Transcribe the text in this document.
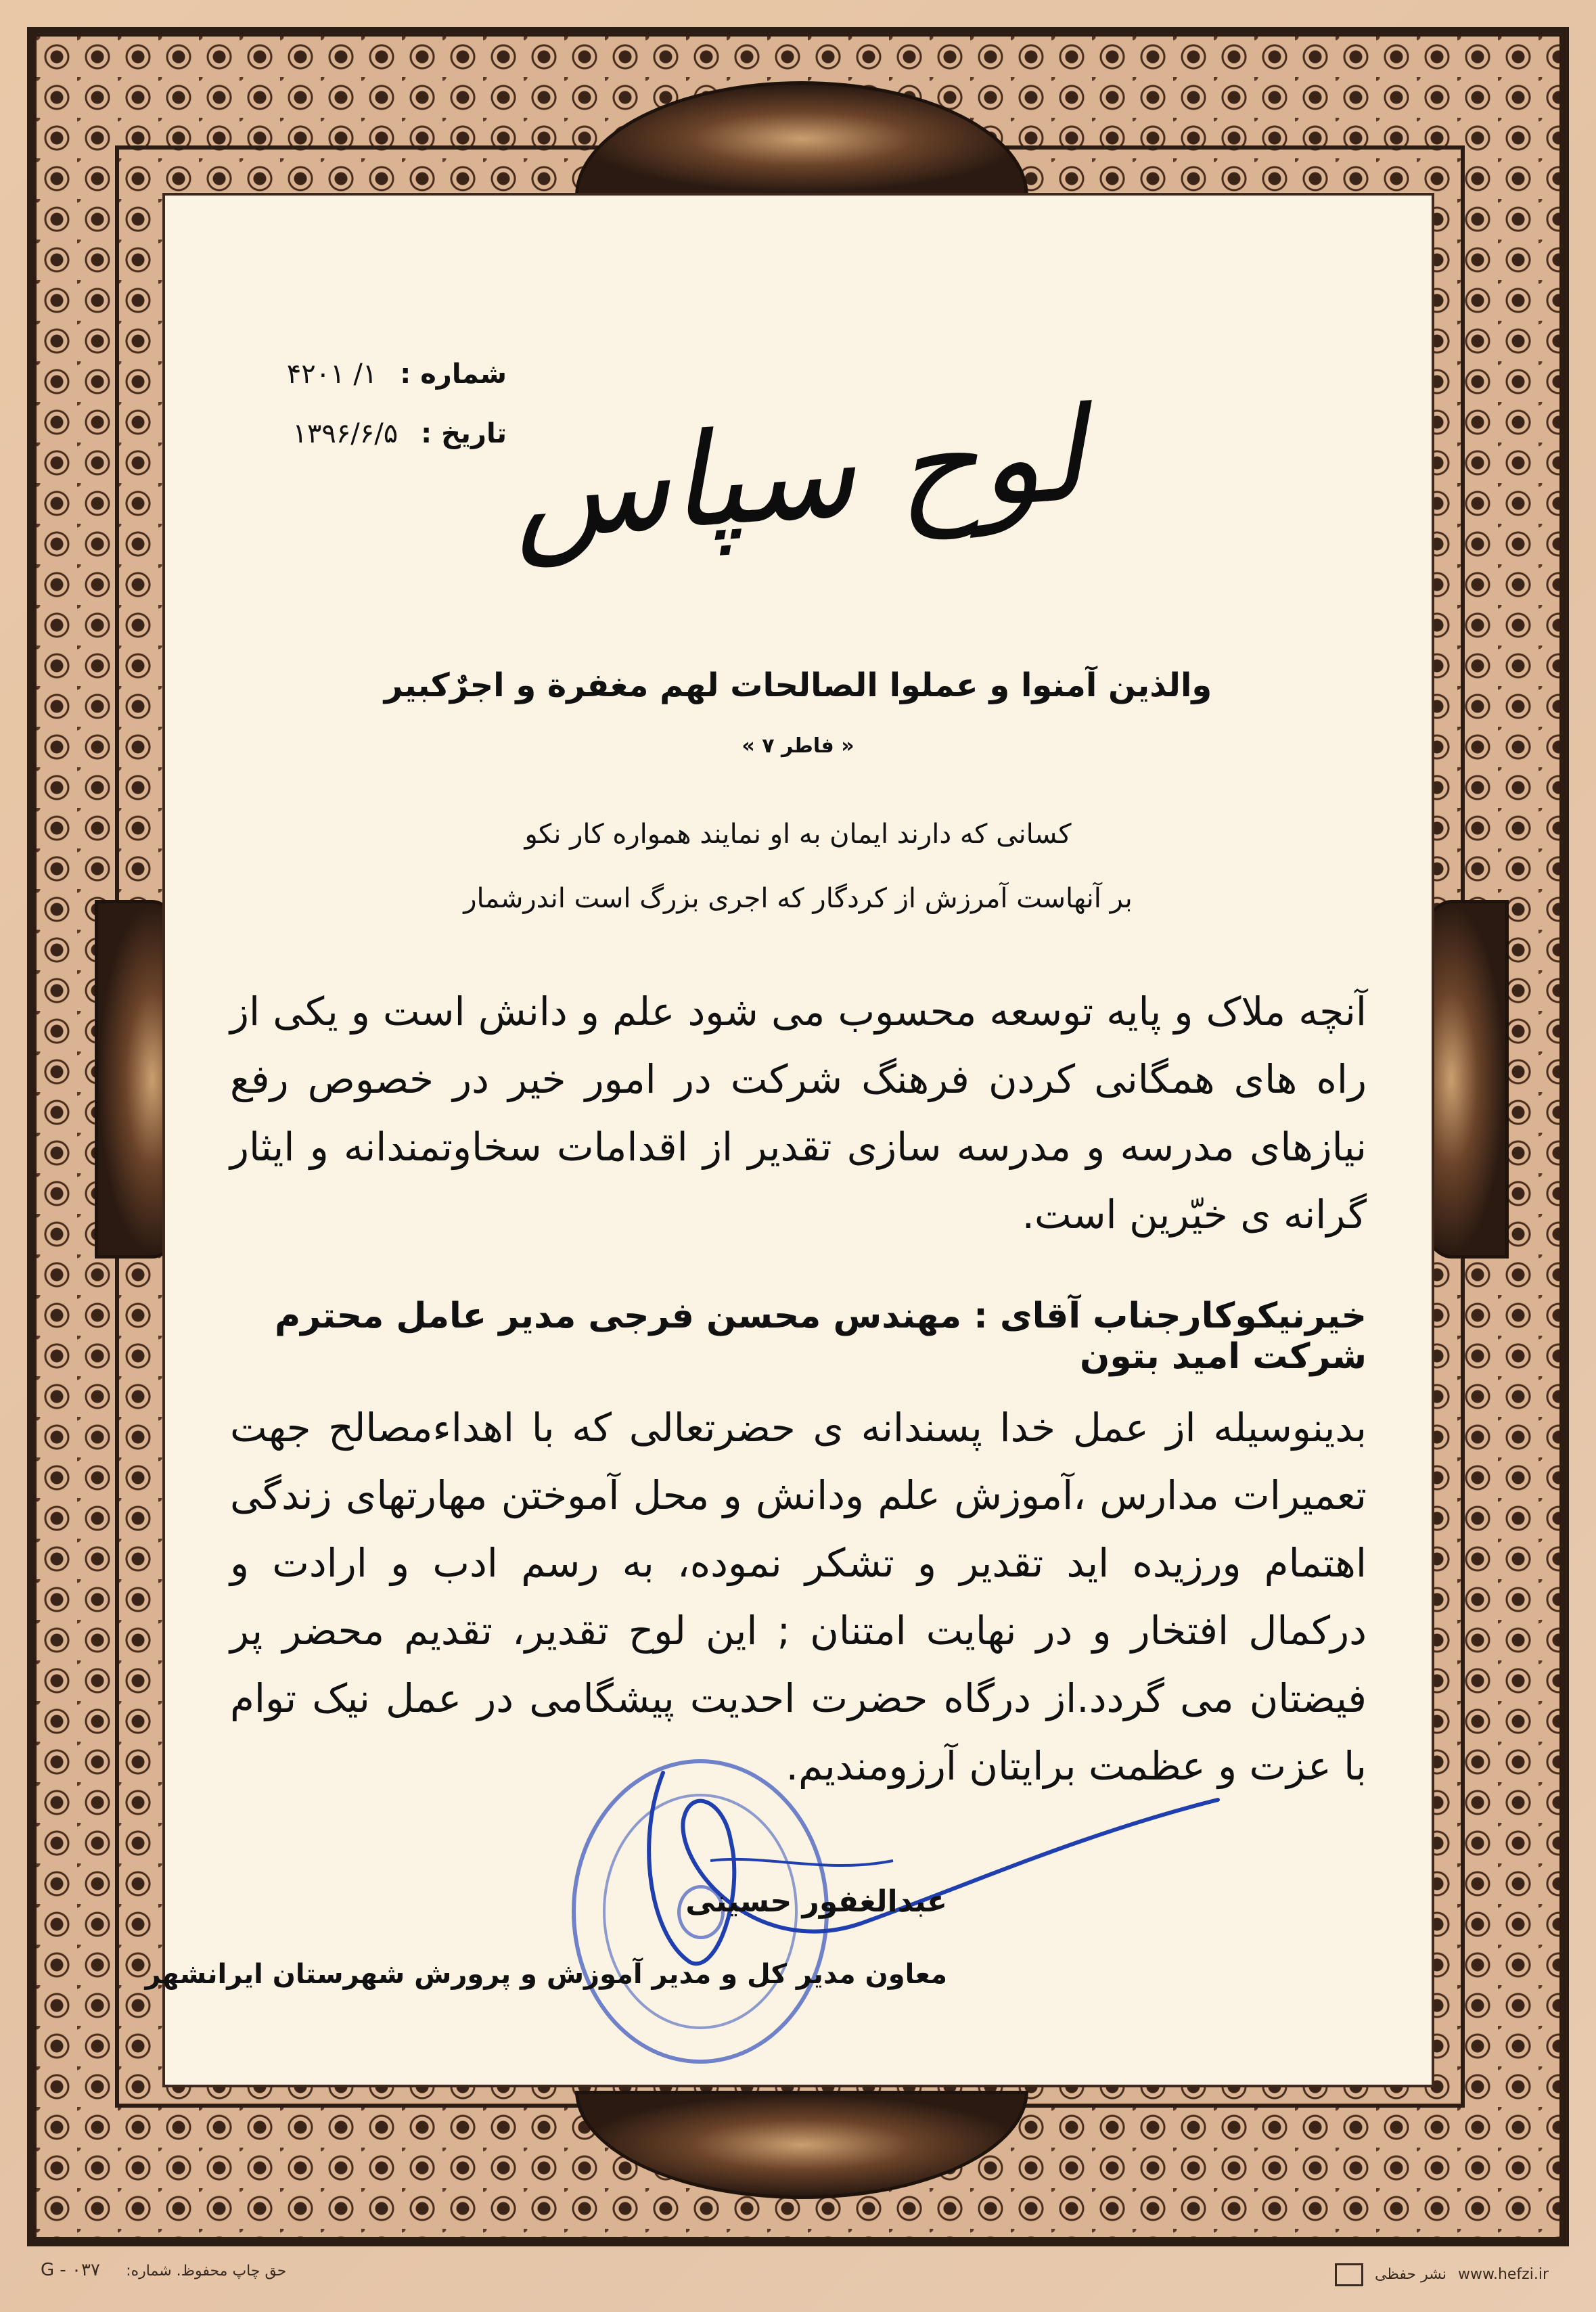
شماره : ۱/ ۴۲۰۱
تاریخ : ۱۳۹۶/۶/۵ لوح سپاس
والذین آمنوا و عملوا الصالحات لهم مغفرة و اجرٌکبیر
« فاطر ۷ »
کسانی که دارند ایمان به او نمایند همواره کار نکو
بر آنهاست آمرزش از کردگار که اجری بزرگ است اندرشمار
آنچه ملاک و پایه توسعه محسوب می شود علم و دانش است و یکی از راه های همگانی کردن فرهنگ شرکت در امور خیر در خصوص رفع نیازهای مدرسه و مدرسه سازی تقدیر از اقدامات سخاوتمندانه و ایثار گرانه ی خیّرین است.
خیرنیکوکارجناب آقای : مهندس محسن فرجی مدیر عامل محترم شرکت امید بتون
بدینوسیله از عمل خدا پسندانه ی حضرتعالی که با اهداءمصالح جهت تعمیرات مدارس ،آموزش علم ودانش و محل آموختن مهارتهای زندگی اهتمام ورزیده اید تقدیر و تشکر نموده، به رسم ادب و ارادت و درکمال افتخار و در نهایت امتنان ; این لوح تقدیر، تقدیم محضر پر فیضتان می گردد.از درگاه حضرت احدیت پیشگامی در عمل نیک توام با عزت و عظمت برایتان آرزومندیم.
عبدالغفور حسینی
معاون مدیر کل و مدیر آموزش و پرورش شهرستان ایرانشهر
G - ۰۳۷ حق چاپ محفوظ. شماره:	www.hefzi.ir نشر حفظی
